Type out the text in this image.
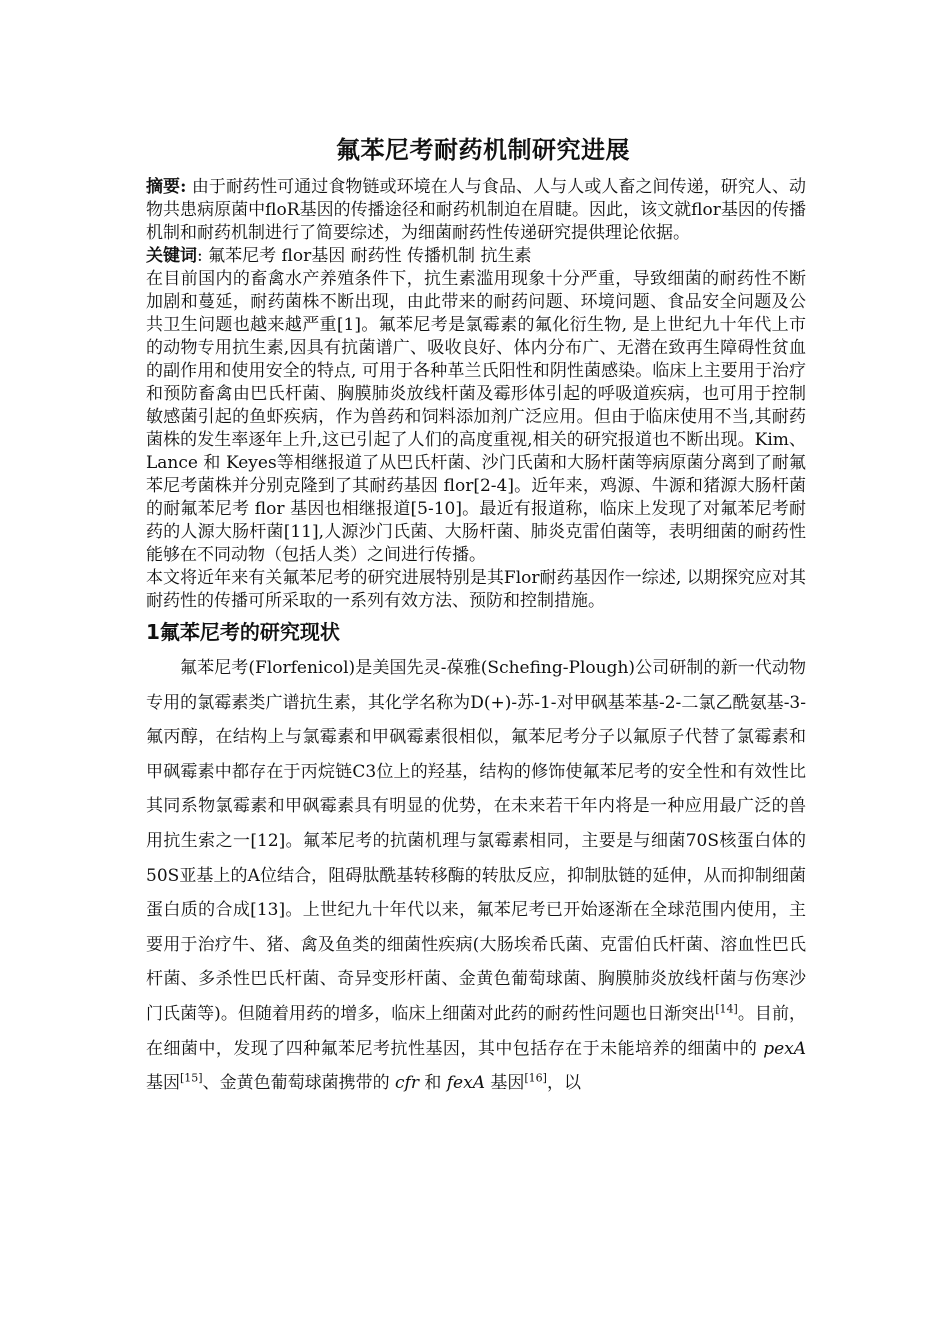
氟苯尼考耐药机制研究进展

摘要: 由于耐药性可通过食物链或环境在人与食品、人与人或人畜之间传递，研究人、动物共患病原菌中floR基因的传播途径和耐药机制迫在眉睫。因此，该文就flor基因的传播机制和耐药机制进行了简要综述，为细菌耐药性传递研究提供理论依据。

关键词: 氟苯尼考 flor基因 耐药性 传播机制 抗生素

在目前国内的畜禽水产养殖条件下，抗生素滥用现象十分严重，导致细菌的耐药性不断加剧和蔓延，耐药菌株不断出现，由此带来的耐药问题、环境问题、食品安全问题及公共卫生问题也越来越严重[1]。氟苯尼考是氯霉素的氟化衍生物, 是上世纪九十年代上市的动物专用抗生素,因具有抗菌谱广、吸收良好、体内分布广、无潜在致再生障碍性贫血的副作用和使用安全的特点, 可用于各种革兰氏阳性和阴性菌感染。临床上主要用于治疗和预防畜禽由巴氏杆菌、胸膜肺炎放线杆菌及霉形体引起的呼吸道疾病，也可用于控制敏感菌引起的鱼虾疾病，作为兽药和饲料添加剂广泛应用。但由于临床使用不当,其耐药菌株的发生率逐年上升,这已引起了人们的高度重视,相关的研究报道也不断出现。Kim、Lance 和 Keyes等相继报道了从巴氏杆菌、沙门氏菌和大肠杆菌等病原菌分离到了耐氟苯尼考菌株并分别克隆到了其耐药基因 flor[2-4]。近年来，鸡源、牛源和猪源大肠杆菌的耐氟苯尼考 flor 基因也相继报道[5-10]。最近有报道称，临床上发现了对氟苯尼考耐药的人源大肠杆菌[11],人源沙门氏菌、大肠杆菌、肺炎克雷伯菌等，表明细菌的耐药性能够在不同动物（包括人类）之间进行传播。

本文将近年来有关氟苯尼考的研究进展特别是其Flor耐药基因作一综述, 以期探究应对其耐药性的传播可所采取的一系列有效方法、预防和控制措施。

1氟苯尼考的研究现状

氟苯尼考(Florfenicol)是美国先灵-葆雅(Schefing-Plough)公司研制的新一代动物专用的氯霉素类广谱抗生素，其化学名称为D(+)-苏-1-对甲砜基苯基-2-二氯乙酰氨基-3-氟丙醇，在结构上与氯霉素和甲砜霉素很相似，氟苯尼考分子以氟原子代替了氯霉素和甲砜霉素中都存在于丙烷链C3位上的羟基，结构的修饰使氟苯尼考的安全性和有效性比其同系物氯霉素和甲砜霉素具有明显的优势，在未来若干年内将是一种应用最广泛的兽用抗生索之一[12]。氟苯尼考的抗菌机理与氯霉素相同，主要是与细菌70S核蛋白体的50S亚基上的A位结合，阻碍肽酰基转移酶的转肽反应，抑制肽链的延伸，从而抑制细菌蛋白质的合成[13]。上世纪九十年代以来，氟苯尼考已开始逐渐在全球范围内使用，主要用于治疗牛、猪、禽及鱼类的细菌性疾病(大肠埃希氏菌、克雷伯氏杆菌、溶血性巴氏杆菌、多杀性巴氏杆菌、奇异变形杆菌、金黄色葡萄球菌、胸膜肺炎放线杆菌与伤寒沙门氏菌等)。但随着用药的增多，临床上细菌对此药的耐药性问题也日渐突出[14]。目前，在细菌中，发现了四种氟苯尼考抗性基因，其中包括存在于未能培养的细菌中的 pexA 基因[15]、金黄色葡萄球菌携带的 cfr 和 fexA 基因[16]，以
